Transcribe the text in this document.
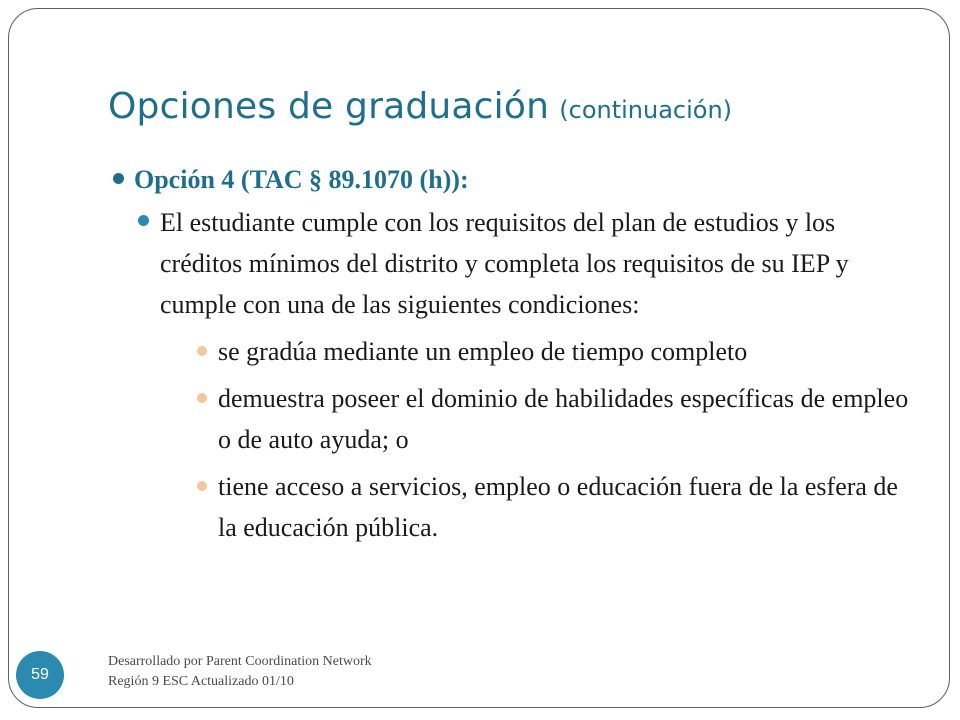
Opciones de graduación (continuación)
Opción 4 (TAC § 89.1070 (h)):
El estudiante cumple con los requisitos del plan de estudios y los créditos mínimos del distrito y completa los requisitos de su IEP y cumple con una de las siguientes condiciones:
se gradúa mediante un empleo de tiempo completo
demuestra poseer el dominio de habilidades específicas de empleo o de auto ayuda; o
tiene acceso a servicios, empleo o educación fuera de la esfera de la educación pública.
59
Desarrollado por Parent Coordination Network
Región 9 ESC Actualizado 01/10
